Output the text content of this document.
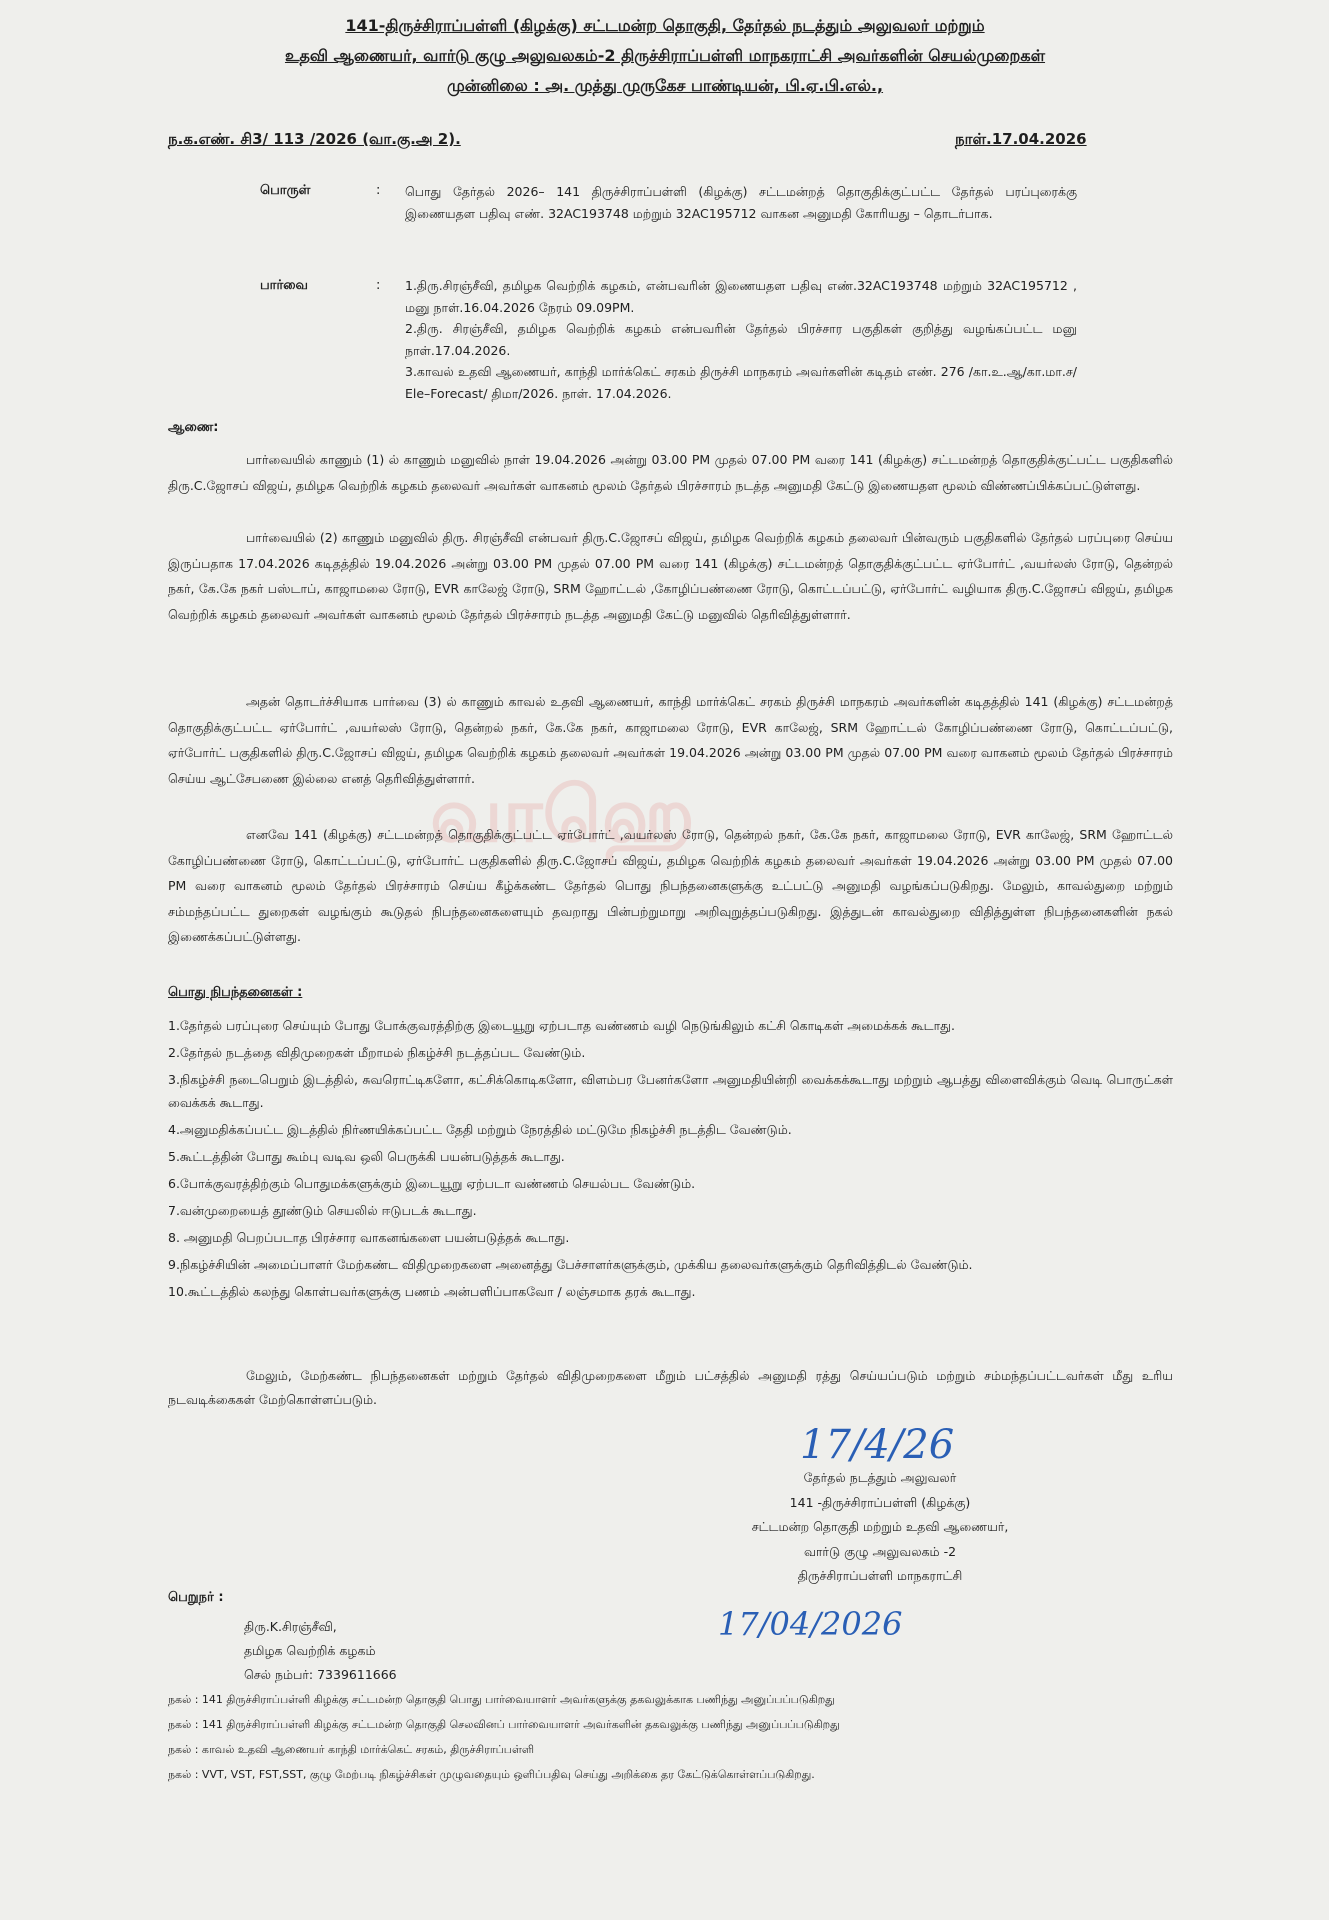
வாஹெ
141-திருச்சிராப்பள்ளி (கிழக்கு) சட்டமன்ற தொகுதி, தேர்தல் நடத்தும் அலுவலர் மற்றும்
உதவி ஆணையர், வார்டு குழு அலுவலகம்-2 திருச்சிராப்பள்ளி மாநகராட்சி அவர்களின் செயல்முறைகள்
முன்னிலை : அ. முத்து முருகேச பாண்டியன், பி.ஏ.பி.எல்.,
ந.க.எண். சி3/ 113 /2026 (வா.கு.அ 2).	நாள்.17.04.2026
பொருள்	: பொது தேர்தல் 2026– 141 திருச்சிராப்பள்ளி (கிழக்கு) சட்டமன்றத் தொகுதிக்குட்பட்ட தேர்தல் பரப்புரைக்கு இணையதள பதிவு எண். 32AC193748 மற்றும் 32AC195712 வாகன அனுமதி கோரியது – தொடர்பாக.
பார்வை	: 1.திரு.சிரஞ்சீவி, தமிழக வெற்றிக் கழகம், என்பவரின் இணையதள பதிவு எண்.32AC193748 மற்றும் 32AC195712 , மனு நாள்.16.04.2026 நேரம் 09.09PM.
2.திரு. சிரஞ்சீவி, தமிழக வெற்றிக் கழகம் என்பவரின் தேர்தல் பிரச்சார பகுதிகள் குறித்து வழங்கப்பட்ட மனு நாள்.17.04.2026.
3.காவல் உதவி ஆணையர், காந்தி மார்க்கெட் சரகம் திருச்சி மாநகரம் அவர்களின் கடிதம் எண். 276 /கா.உ.ஆ/கா.மா.ச/ Ele–Forecast/ திமா/2026. நாள். 17.04.2026.
ஆணை:

பார்வையில் காணும் (1) ல் காணும் மனுவில் நாள் 19.04.2026 அன்று 03.00 PM முதல் 07.00 PM வரை 141 (கிழக்கு) சட்டமன்றத் தொகுதிக்குட்பட்ட பகுதிகளில் திரு.C.ஜோசப் விஜய், தமிழக வெற்றிக் கழகம் தலைவர் அவர்கள் வாகனம் மூலம் தேர்தல் பிரச்சாரம் நடத்த அனுமதி கேட்டு இணையதள மூலம் விண்ணப்பிக்கப்பட்டுள்ளது.

பார்வையில் (2) காணும் மனுவில் திரு. சிரஞ்சீவி என்பவர் திரு.C.ஜோசப் விஜய், தமிழக வெற்றிக் கழகம் தலைவர் பின்வரும் பகுதிகளில் தேர்தல் பரப்புரை செய்ய இருப்பதாக 17.04.2026 கடிதத்தில் 19.04.2026 அன்று 03.00 PM முதல் 07.00 PM வரை 141 (கிழக்கு) சட்டமன்றத் தொகுதிக்குட்பட்ட ஏர்போர்ட் ,வயர்லஸ் ரோடு, தென்றல் நகர், கே.கே நகர் பஸ்டாப், காஜாமலை ரோடு, EVR காலேஜ் ரோடு, SRM ஹோட்டல் ,கோழிப்பண்ணை ரோடு, கொட்டப்பட்டு, ஏர்போர்ட் வழியாக திரு.C.ஜோசப் விஜய், தமிழக வெற்றிக் கழகம் தலைவர் அவர்கள் வாகனம் மூலம் தேர்தல் பிரச்சாரம் நடத்த அனுமதி கேட்டு மனுவில் தெரிவித்துள்ளார்.

அதன் தொடர்ச்சியாக பார்வை (3) ல் காணும் காவல் உதவி ஆணையர், காந்தி மார்க்கெட் சரகம் திருச்சி மாநகரம் அவர்களின் கடிதத்தில் 141 (கிழக்கு) சட்டமன்றத் தொகுதிக்குட்பட்ட ஏர்போர்ட் ,வயர்லஸ் ரோடு, தென்றல் நகர், கே.கே நகர், காஜாமலை ரோடு, EVR காலேஜ், SRM ஹோட்டல் கோழிப்பண்ணை ரோடு, கொட்டப்பட்டு, ஏர்போர்ட் பகுதிகளில் திரு.C.ஜோசப் விஜய், தமிழக வெற்றிக் கழகம் தலைவர் அவர்கள் 19.04.2026 அன்று 03.00 PM முதல் 07.00 PM வரை வாகனம் மூலம் தேர்தல் பிரச்சாரம் செய்ய ஆட்சேபணை இல்லை எனத் தெரிவித்துள்ளார்.

எனவே 141 (கிழக்கு) சட்டமன்றத் தொகுதிக்குட்பட்ட ஏர்போர்ட் ,வயர்லஸ் ரோடு, தென்றல் நகர், கே.கே நகர், காஜாமலை ரோடு, EVR காலேஜ், SRM ஹோட்டல் கோழிப்பண்ணை ரோடு, கொட்டப்பட்டு, ஏர்போர்ட் பகுதிகளில் திரு.C.ஜோசப் விஜய், தமிழக வெற்றிக் கழகம் தலைவர் அவர்கள் 19.04.2026 அன்று 03.00 PM முதல் 07.00 PM வரை வாகனம் மூலம் தேர்தல் பிரச்சாரம் செய்ய கீழ்க்கண்ட தேர்தல் பொது நிபந்தனைகளுக்கு உட்பட்டு அனுமதி வழங்கப்படுகிறது. மேலும், காவல்துறை மற்றும் சம்மந்தப்பட்ட துறைகள் வழங்கும் கூடுதல் நிபந்தனைகளையும் தவறாது பின்பற்றுமாறு அறிவுறுத்தப்படுகிறது. இத்துடன் காவல்துறை விதித்துள்ள நிபந்தனைகளின் நகல் இணைக்கப்பட்டுள்ளது.

பொது நிபந்தனைகள் :
1.தேர்தல் பரப்புரை செய்யும் போது போக்குவரத்திற்கு இடையூறு ஏற்படாத வண்ணம் வழி நெடுங்கிலும் கட்சி கொடிகள் அமைக்கக் கூடாது.
2.தேர்தல் நடத்தை விதிமுறைகள் மீறாமல் நிகழ்ச்சி நடத்தப்பட வேண்டும்.
3.நிகழ்ச்சி நடைபெறும் இடத்தில், சுவரொட்டிகளோ, கட்சிக்கொடிகளோ, விளம்பர பேனர்களோ அனுமதியின்றி வைக்கக்கூடாது மற்றும் ஆபத்து விளைவிக்கும் வெடி பொருட்கள் வைக்கக் கூடாது.
4.அனுமதிக்கப்பட்ட இடத்தில் நிர்ணயிக்கப்பட்ட தேதி மற்றும் நேரத்தில் மட்டுமே நிகழ்ச்சி நடத்திட வேண்டும்.
5.கூட்டத்தின் போது கூம்பு வடிவ ஒலி பெருக்கி பயன்படுத்தக் கூடாது.
6.போக்குவரத்திற்கும் பொதுமக்களுக்கும் இடையூறு ஏற்படா வண்ணம் செயல்பட வேண்டும்.
7.வன்முறையைத் தூண்டும் செயலில் ஈடுபடக் கூடாது.
8. அனுமதி பெறப்படாத பிரச்சார வாகனங்களை பயன்படுத்தக் கூடாது.
9.நிகழ்ச்சியின் அமைப்பாளர் மேற்கண்ட விதிமுறைகளை அனைத்து பேச்சாளர்களுக்கும், முக்கிய தலைவர்களுக்கும் தெரிவித்திடல் வேண்டும்.
10.கூட்டத்தில் கலந்து கொள்பவர்களுக்கு பணம் அன்பளிப்பாகவோ / லஞ்சமாக தரக் கூடாது.

மேலும், மேற்கண்ட நிபந்தனைகள் மற்றும் தேர்தல் விதிமுறைகளை மீறும் பட்சத்தில் அனுமதி ரத்து செய்யப்படும் மற்றும் சம்மந்தப்பட்டவர்கள் மீது உரிய நடவடிக்கைகள் மேற்கொள்ளப்படும்.

17/4/26
தேர்தல் நடத்தும் அலுவலர்
141 -திருச்சிராப்பள்ளி (கிழக்கு)
சட்டமன்ற தொகுதி மற்றும் உதவி ஆணையர்,
வார்டு குழு அலுவலகம் -2
திருச்சிராப்பள்ளி மாநகராட்சி
17/04/2026
பெறுநர் :
திரு.K.சிரஞ்சீவி,
தமிழக வெற்றிக் கழகம்
செல் நம்பர்: 7339611666
நகல் : 141 திருச்சிராப்பள்ளி கிழக்கு சட்டமன்ற தொகுதி பொது பார்வையாளர் அவர்களுக்கு தகவலுக்காக பணிந்து அனுப்பப்படுகிறது
நகல் : 141 திருச்சிராப்பள்ளி கிழக்கு சட்டமன்ற தொகுதி செலவினப் பார்வையாளர் அவர்களின் தகவலுக்கு பணிந்து அனுப்பப்படுகிறது
நகல் : காவல் உதவி ஆணையர் காந்தி மார்க்கெட் சரகம், திருச்சிராப்பள்ளி
நகல் : VVT, VST, FST,SST, குழு மேற்படி நிகழ்ச்சிகள் முழுவதையும் ஒளிப்பதிவு செய்து அறிக்கை தர கேட்டுக்கொள்ளப்படுகிறது.
